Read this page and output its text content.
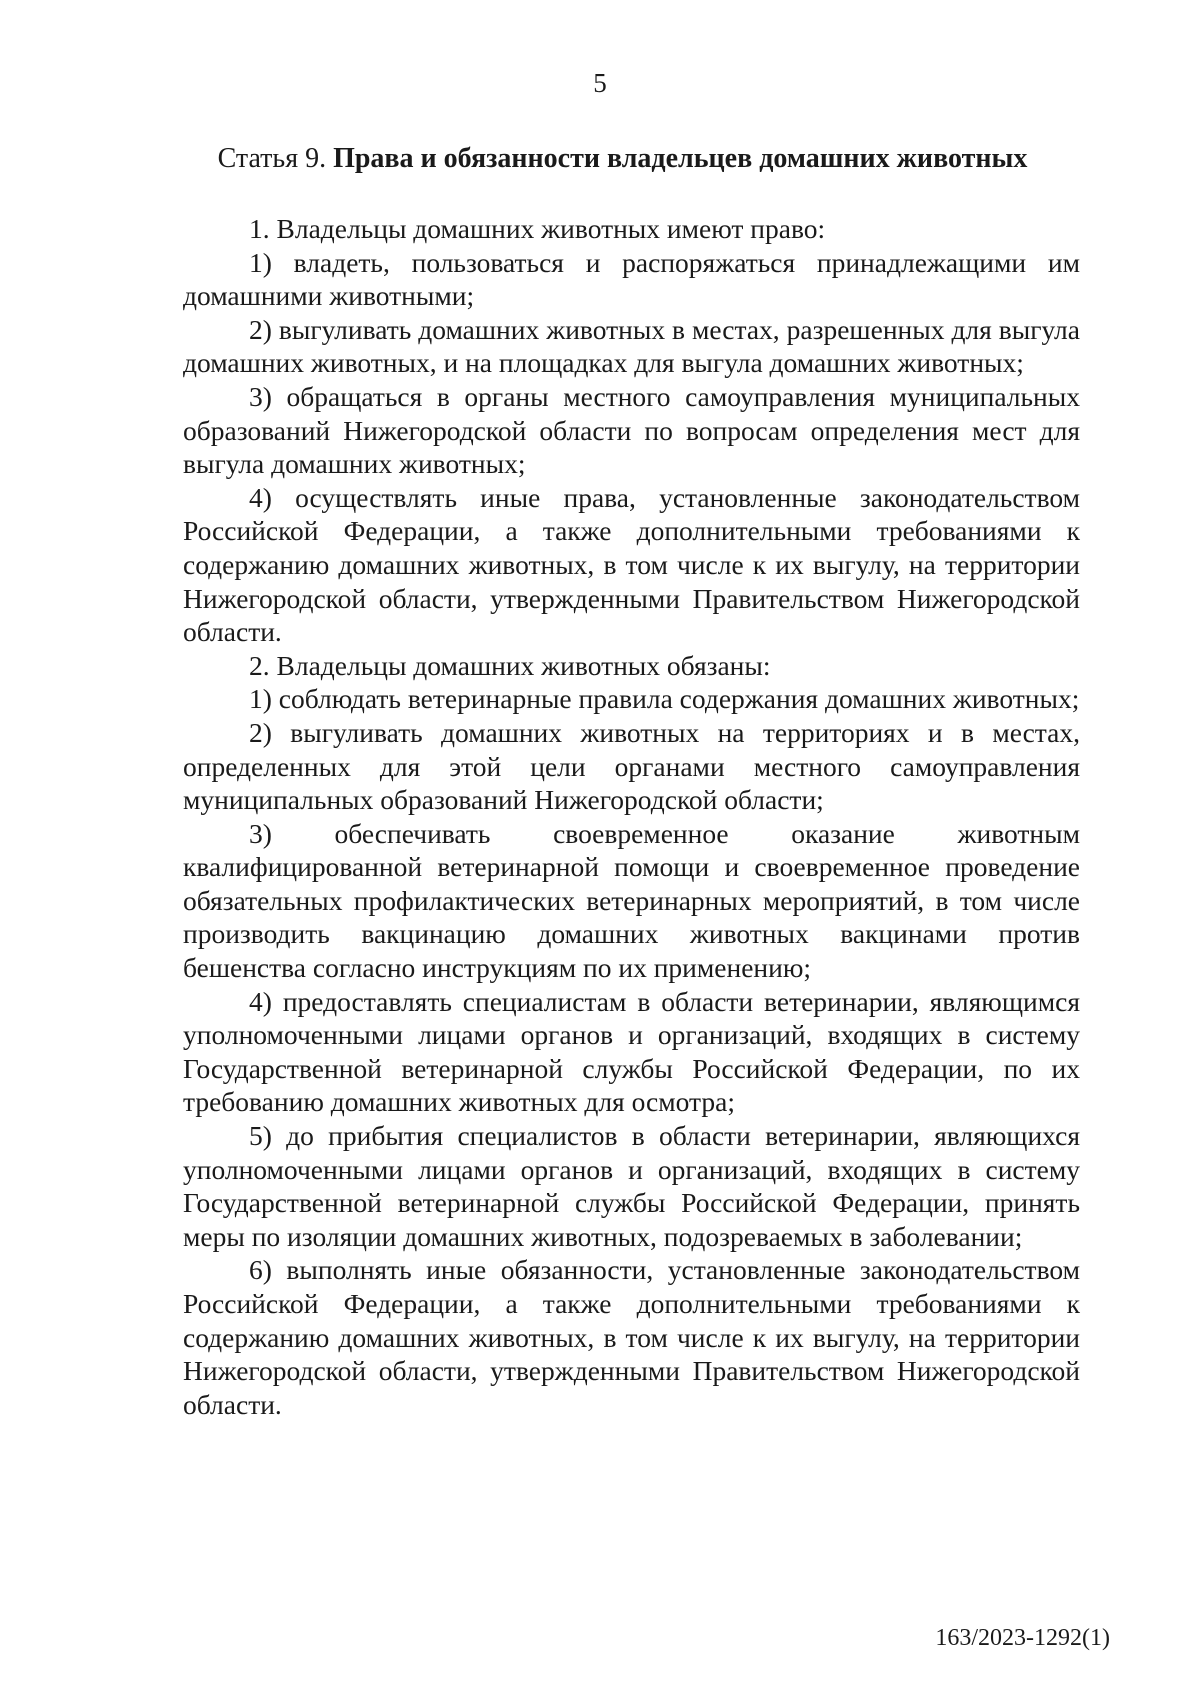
5
Статья 9. Права и обязанности владельцев домашних животных

1. Владельцы домашних животных имеют право:

1) владеть, пользоваться и распоряжаться принадлежащими им домашними животными;

2) выгуливать домашних животных в местах, разрешенных для выгула домашних животных, и на площадках для выгула домашних животных;

3) обращаться в органы местного самоуправления муниципальных образований Нижегородской области по вопросам определения мест для выгула домашних животных;

4) осуществлять иные права, установленные законодательством Российской Федерации, а также дополнительными требованиями к содержанию домашних животных, в том числе к их выгулу, на территории Нижегородской области, утвержденными Правительством Нижегородской области.

2. Владельцы домашних животных обязаны:

1) соблюдать ветеринарные правила содержания домашних животных;

2) выгуливать домашних животных на территориях и в местах, определенных для этой цели органами местного самоуправления муниципальных образований Нижегородской области;

3) обеспечивать своевременное оказание животным квалифицированной ветеринарной помощи и своевременное проведение обязательных профилактических ветеринарных мероприятий, в том числе производить вакцинацию домашних животных вакцинами против бешенства согласно инструкциям по их применению;

4) предоставлять специалистам в области ветеринарии, являющимся уполномоченными лицами органов и организаций, входящих в систему Государственной ветеринарной службы Российской Федерации, по их требованию домашних животных для осмотра;

5) до прибытия специалистов в области ветеринарии, являющихся уполномоченными лицами органов и организаций, входящих в систему Государственной ветеринарной службы Российской Федерации, принять меры по изоляции домашних животных, подозреваемых в заболевании;

6) выполнять иные обязанности, установленные законодательством Российской Федерации, а также дополнительными требованиями к содержанию домашних животных, в том числе к их выгулу, на территории Нижегородской области, утвержденными Правительством Нижегородской области.

163/2023-1292(1)
